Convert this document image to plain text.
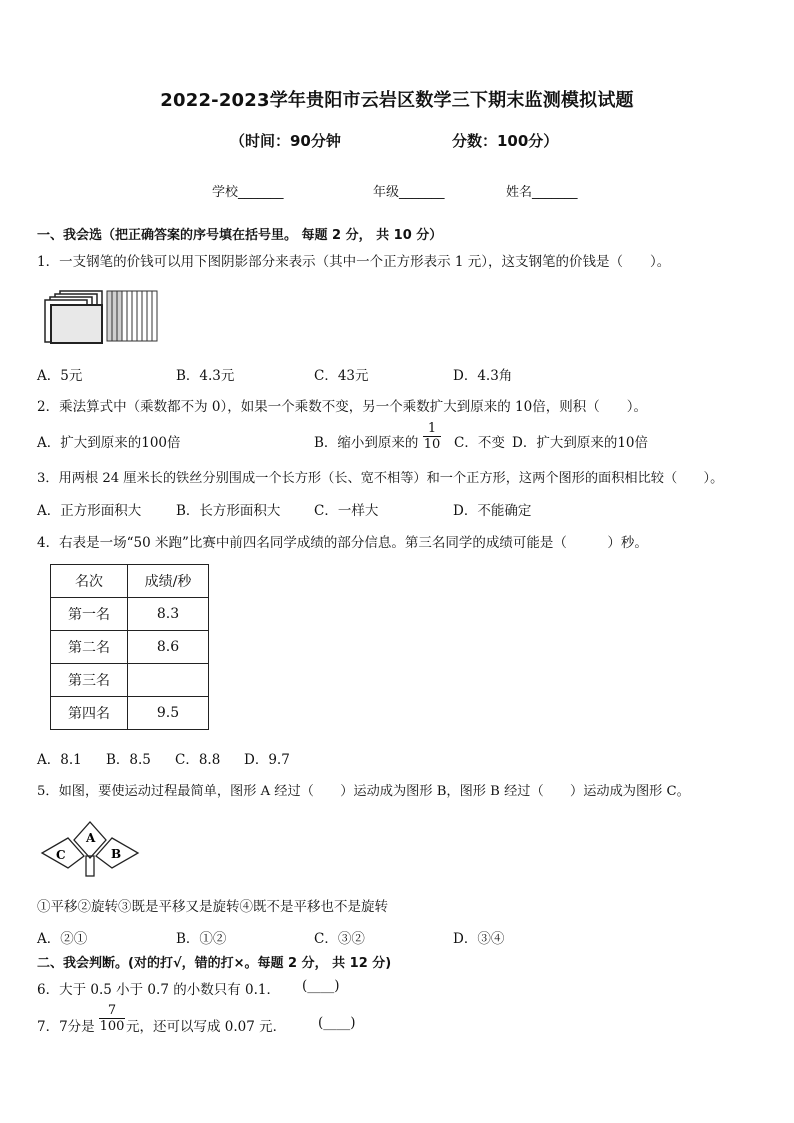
2022-2023学年贵阳市云岩区数学三下期末监测模拟试题
（时间：90分钟	分数：100分）
学校_______	年级_______	姓名_______
一、我会选（把正确答案的序号填在括号里。 每题 2 分， 共 10 分）
1．一支钢笔的价钱可以用下图阴影部分来表示（其中一个正方形表示 1 元），这支钢笔的价钱是（　　）。
A．5元	B．4.3元	C．43元	D．4.3角
2．乘法算式中（乘数都不为 0），如果一个乘数不变，另一个乘数扩大到原来的 10倍，则积（　　）。
A．扩大到原来的100倍	B．缩小到原来的 $\frac{1}{10}$ C．不变 D．扩大到原来的10倍
3．用两根 24 厘米长的铁丝分别围成一个长方形（长、宽不相等）和一个正方形，这两个图形的面积相比较（　　）。
A．正方形面积大	B．长方形面积大 C．一样大	D．不能确定
4．右表是一场“50 米跑”比赛中前四名同学成绩的部分信息。第三名同学的成绩可能是（　　　）秒。
名次	成绩/秒
第一名	8.3
第二名	8.6
第三名	
第四名	9.5
A．8.1 B．8.5 C．8.8 D．9.7
5．如图，要使运动过程最简单，图形 A 经过（　　）运动成为图形 B，图形 B 经过（　　）运动成为图形 C。
A
B
C
①平移②旋转③既是平移又是旋转④既不是平移也不是旋转
A．②①	B．①②	C．③②	D．③④
二、我会判断。(对的打√，错的打×。每题 2 分， 共 12 分)
6．大于 0.5 小于 0.7 的小数只有 0.1． (____)
7．7分是 $\frac{7}{100}$ 元，还可以写成 0.07 元． (____)
